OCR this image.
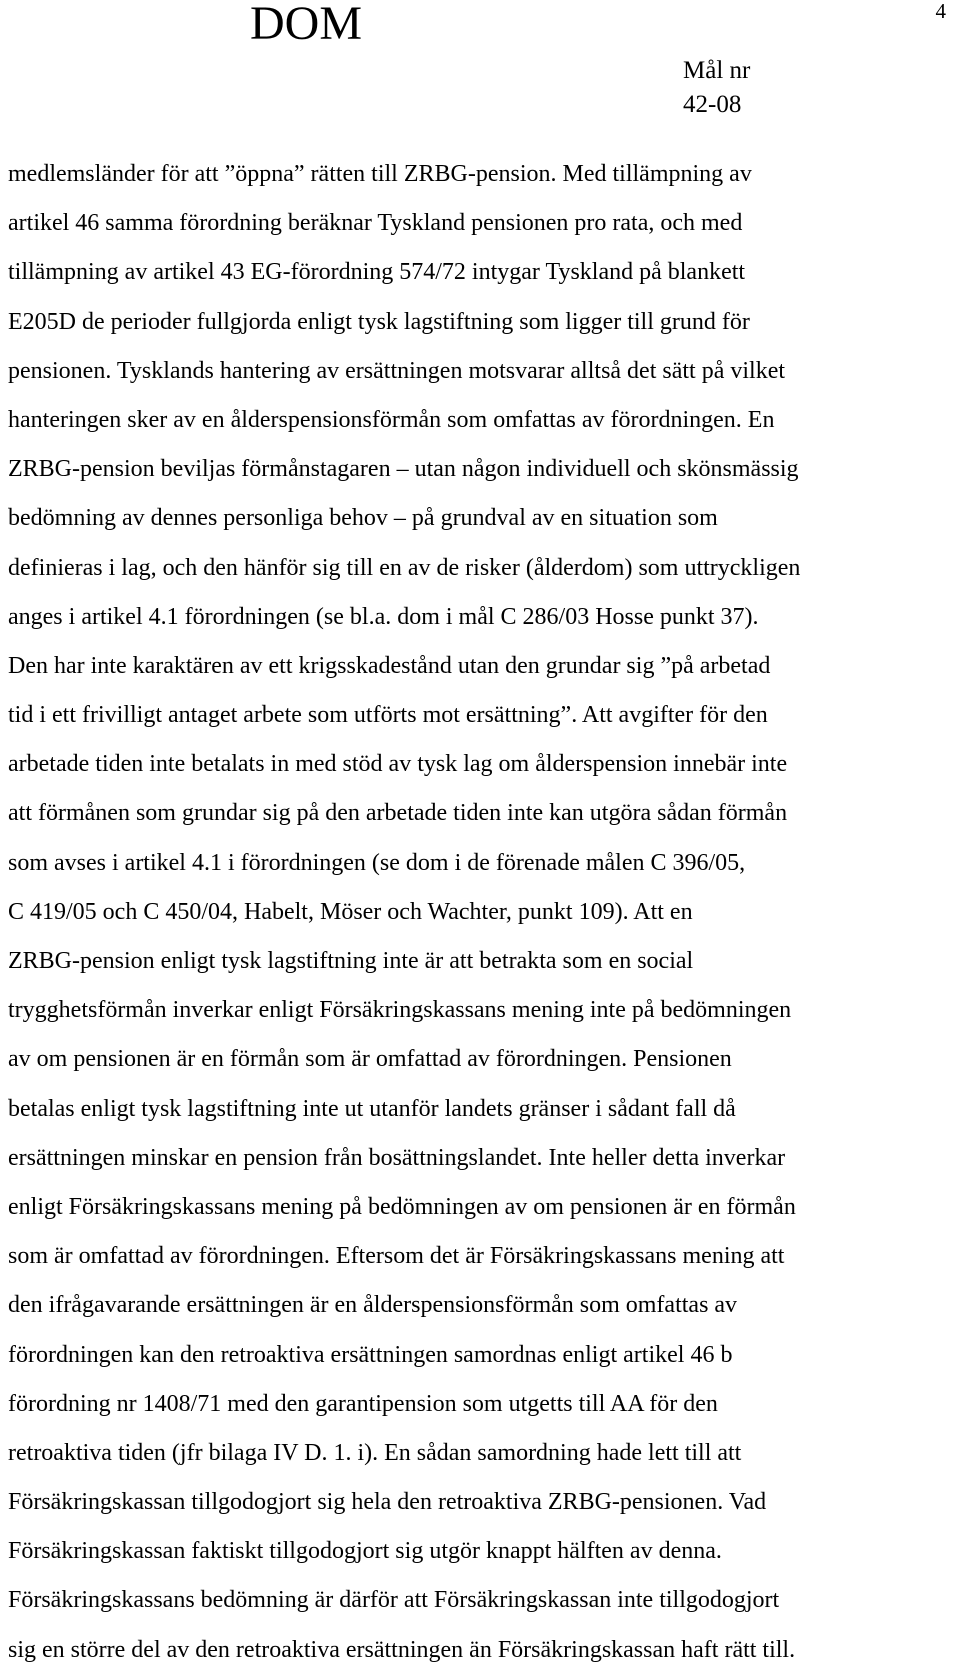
DOM	4
Mål nr
42-08
medlemsländer för att ”öppna” rätten till ZRBG-pension. Med tillämpning av
artikel 46 samma förordning beräknar Tyskland pensionen pro rata, och med
tillämpning av artikel 43 EG-förordning 574/72 intygar Tyskland på blankett
E205D de perioder fullgjorda enligt tysk lagstiftning som ligger till grund för
pensionen. Tysklands hantering av ersättningen motsvarar alltså det sätt på vilket
hanteringen sker av en ålderspensionsförmån som omfattas av förordningen. En
ZRBG-pension beviljas förmånstagaren – utan någon individuell och skönsmässig
bedömning av dennes personliga behov – på grundval av en situation som
definieras i lag, och den hänför sig till en av de risker (ålderdom) som uttryckligen
anges i artikel 4.1 förordningen (se bl.a. dom i mål C 286/03 Hosse punkt 37).
Den har inte karaktären av ett krigsskadestånd utan den grundar sig ”på arbetad
tid i ett frivilligt antaget arbete som utförts mot ersättning”. Att avgifter för den
arbetade tiden inte betalats in med stöd av tysk lag om ålderspension innebär inte
att förmånen som grundar sig på den arbetade tiden inte kan utgöra sådan förmån
som avses i artikel 4.1 i förordningen (se dom i de förenade målen C 396/05,
C 419/05 och C 450/04, Habelt, Möser och Wachter, punkt 109). Att en
ZRBG-pension enligt tysk lagstiftning inte är att betrakta som en social
trygghetsförmån inverkar enligt Försäkringskassans mening inte på bedömningen
av om pensionen är en förmån som är omfattad av förordningen. Pensionen
betalas enligt tysk lagstiftning inte ut utanför landets gränser i sådant fall då
ersättningen minskar en pension från bosättningslandet. Inte heller detta inverkar
enligt Försäkringskassans mening på bedömningen av om pensionen är en förmån
som är omfattad av förordningen. Eftersom det är Försäkringskassans mening att
den ifrågavarande ersättningen är en ålderspensionsförmån som omfattas av
förordningen kan den retroaktiva ersättningen samordnas enligt artikel 46 b
förordning nr 1408/71 med den garantipension som utgetts till AA för den
retroaktiva tiden (jfr bilaga IV D. 1. i). En sådan samordning hade lett till att
Försäkringskassan tillgodogjort sig hela den retroaktiva ZRBG-pensionen. Vad
Försäkringskassan faktiskt tillgodogjort sig utgör knappt hälften av denna.
Försäkringskassans bedömning är därför att Försäkringskassan inte tillgodogjort
sig en större del av den retroaktiva ersättningen än Försäkringskassan haft rätt till.
